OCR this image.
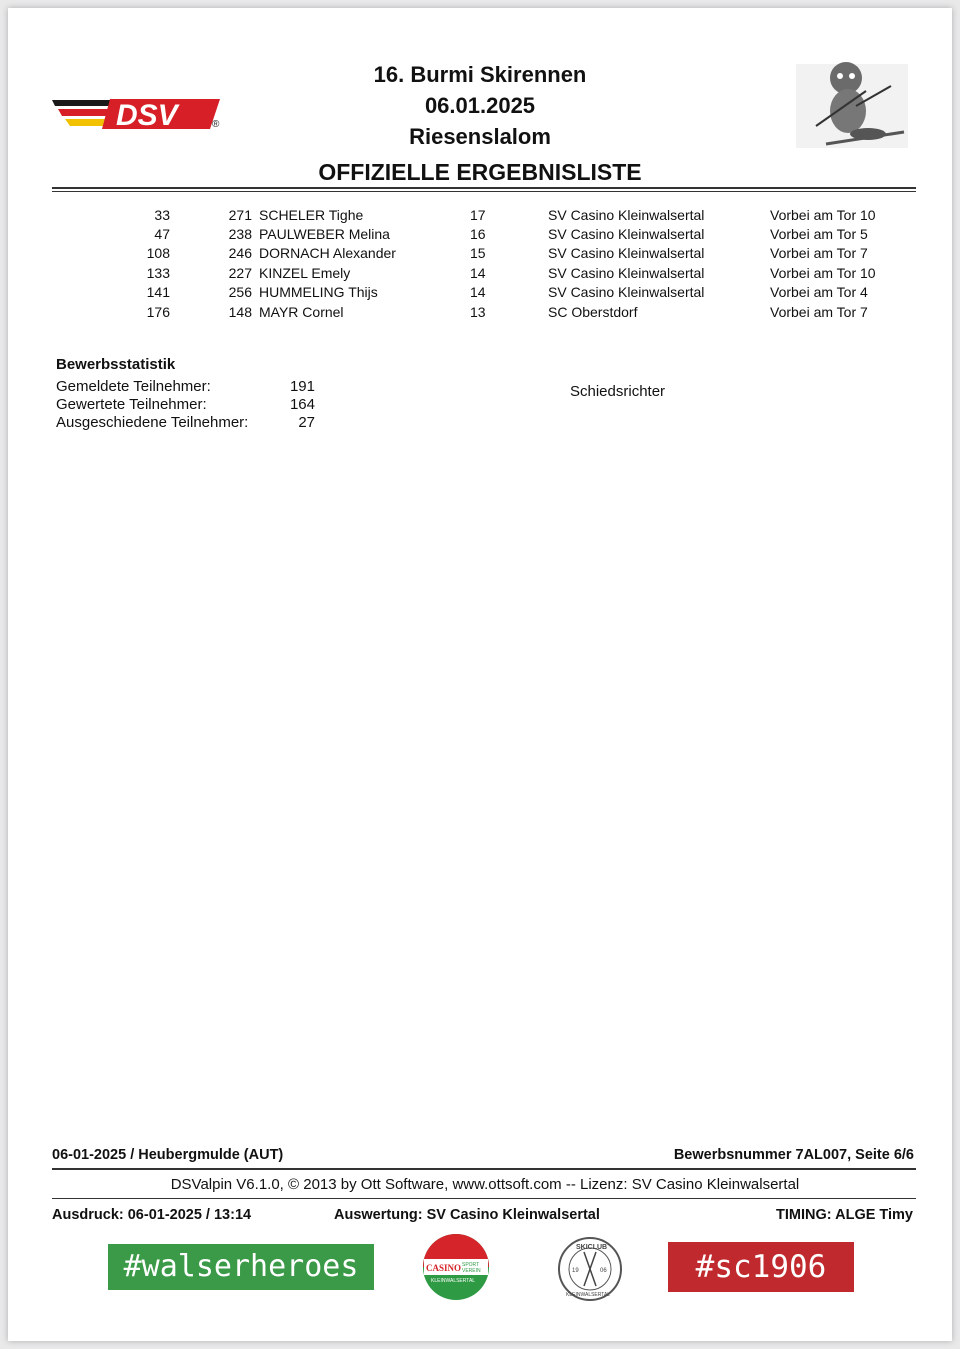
DSV	®
16. Burmi Skirennen
06.01.2025
Riesenslalom
OFFIZIELLE ERGEBNISLISTE
33	271 SCHELER Tighe	17	SV Casino Kleinwalsertal	Vorbei am Tor 10
47	238 PAULWEBER Melina	16	SV Casino Kleinwalsertal	Vorbei am Tor 5
108	246 DORNACH Alexander	15	SV Casino Kleinwalsertal	Vorbei am Tor 7
133	227 KINZEL Emely	14	SV Casino Kleinwalsertal	Vorbei am Tor 10
141	256 HUMMELING Thijs	14	SV Casino Kleinwalsertal	Vorbei am Tor 4
176	148 MAYR Cornel	13	SC Oberstdorf	Vorbei am Tor 7
Bewerbsstatistik
Gemeldete Teilnehmer:	191
Gewertete Teilnehmer:	164
Ausgeschiedene Teilnehmer:	27
Schiedsrichter
06-01-2025 / Heubergmulde (AUT)	Bewerbsnummer 7AL007, Seite 6/6
DSValpin V6.1.0, © 2013 by Ott Software, www.ottsoft.com -- Lizenz: SV Casino Kleinwalsertal
Ausdruck: 06-01-2025 / 13:14	Auswertung: SV Casino Kleinwalsertal	TIMING: ALGE Timy
#walserheroes	CASINO SPORT
VEREIN
KLEINWALSERTAL
SKICLUB
KLEINWALSERTAL
19	06	#sc1906
